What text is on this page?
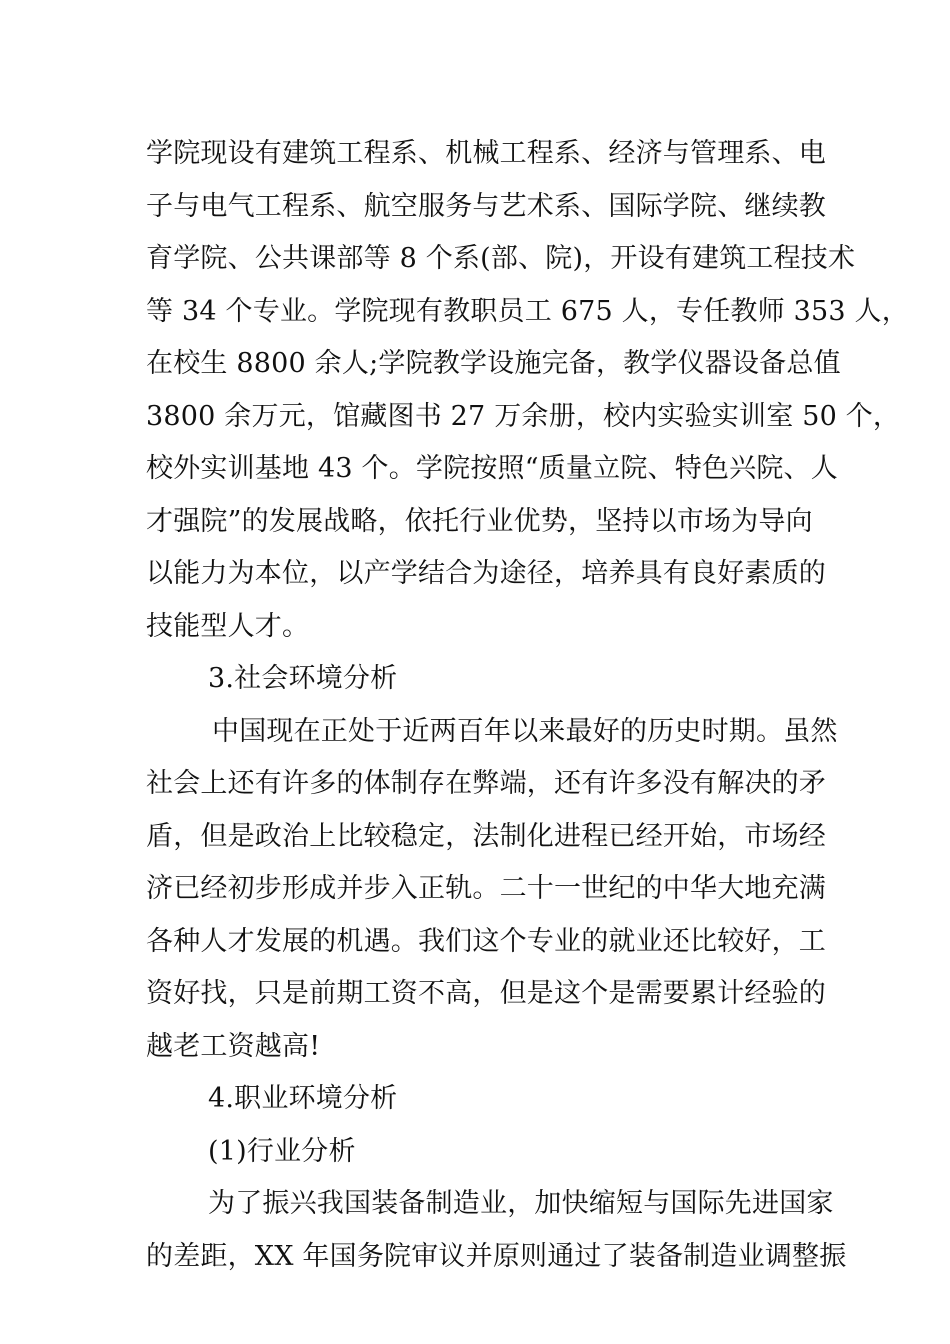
学院现设有建筑工程系、机械工程系、经济与管理系、电
子与电气工程系、航空服务与艺术系、国际学院、继续教
育学院、公共课部等 8 个系(部、院)，开设有建筑工程技术
等 34 个专业。学院现有教职员工 675 人，专任教师 353 人，
在校生 8800 余人;学院教学设施完备，教学仪器设备总值
3800 余万元，馆藏图书 27 万余册，校内实验实训室 50 个，
校外实训基地 43 个。学院按照“质量立院、特色兴院、人
才强院”的发展战略，依托行业优势，坚持以市场为导向
以能力为本位，以产学结合为途径，培养具有良好素质的
技能型人才。
3.社会环境分析
中国现在正处于近两百年以来最好的历史时期。虽然
社会上还有许多的体制存在弊端，还有许多没有解决的矛
盾，但是政治上比较稳定，法制化进程已经开始，市场经
济已经初步形成并步入正轨。二十一世纪的中华大地充满
各种人才发展的机遇。我们这个专业的就业还比较好，工
资好找，只是前期工资不高，但是这个是需要累计经验的
越老工资越高!
4.职业环境分析
(1)行业分析
为了振兴我国装备制造业，加快缩短与国际先进国家
的差距，XX 年国务院审议并原则通过了装备制造业调整振
